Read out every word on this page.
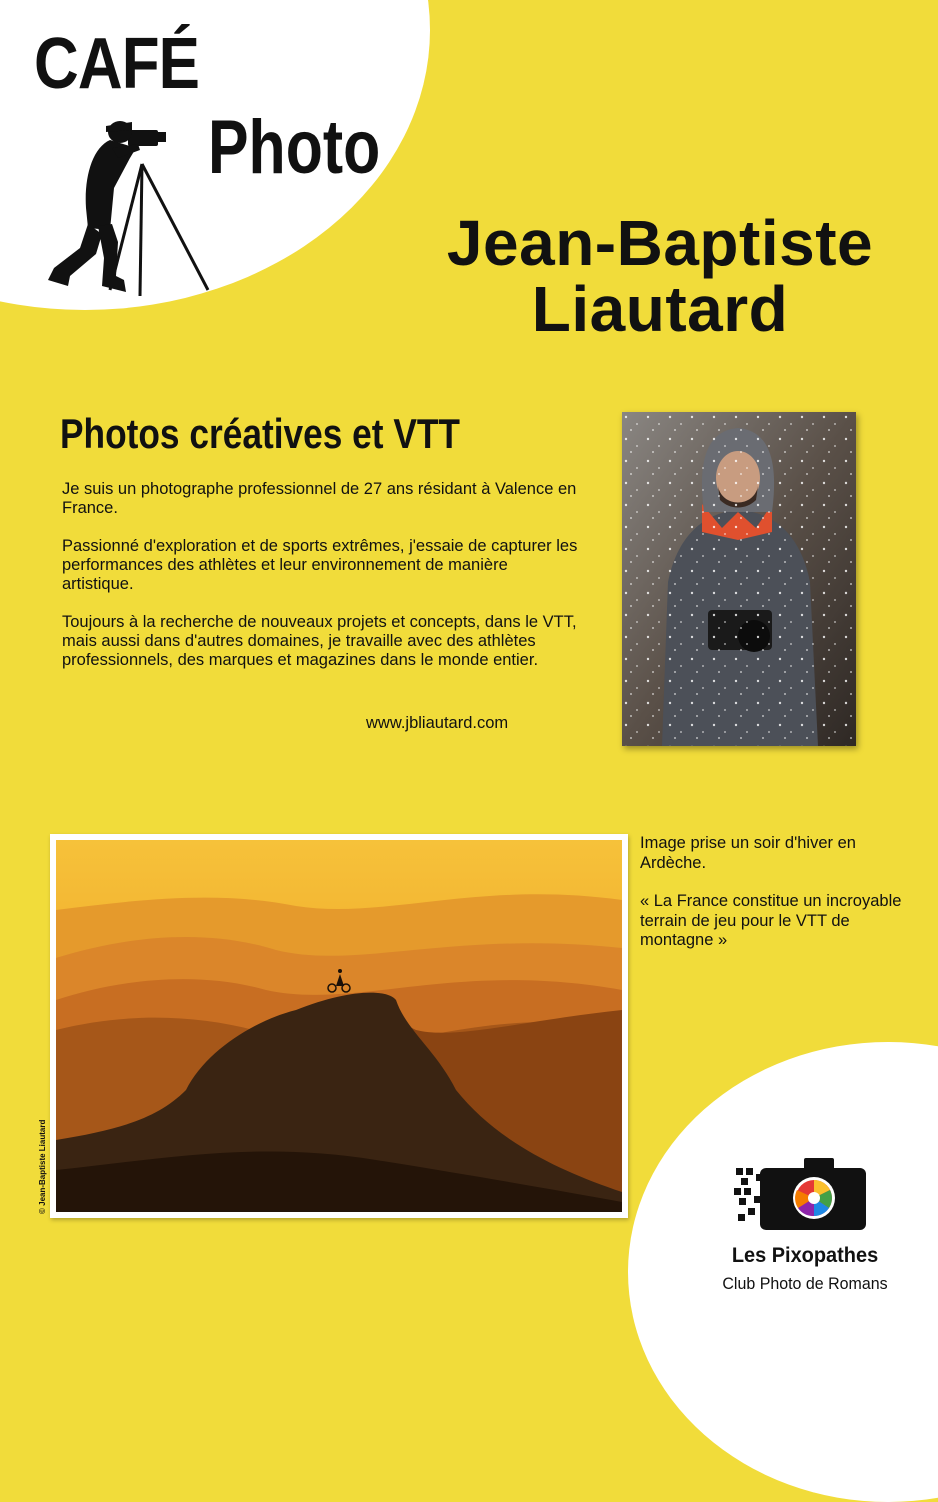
CAFÉ
Photo
Jean-Baptiste
Liautard
Photos créatives et VTT

Je suis un photographe professionnel de 27 ans résidant à Valence en France.

Passionné d'exploration et de sports extrêmes, j'essaie de capturer les performances des athlètes et leur environnement de manière artistique.

Toujours à la recherche de nouveaux projets et concepts, dans le VTT, mais aussi dans d'autres domaines, je travaille avec des athlètes professionnels, des marques et magazines dans le monde entier.

www.jbliautard.com

Image prise un soir d'hiver en Ardèche.

« La France constitue un incroyable terrain de jeu pour le VTT de montagne »

© Jean-Baptiste Liautard
Les Pixopathes
Club Photo de Romans
